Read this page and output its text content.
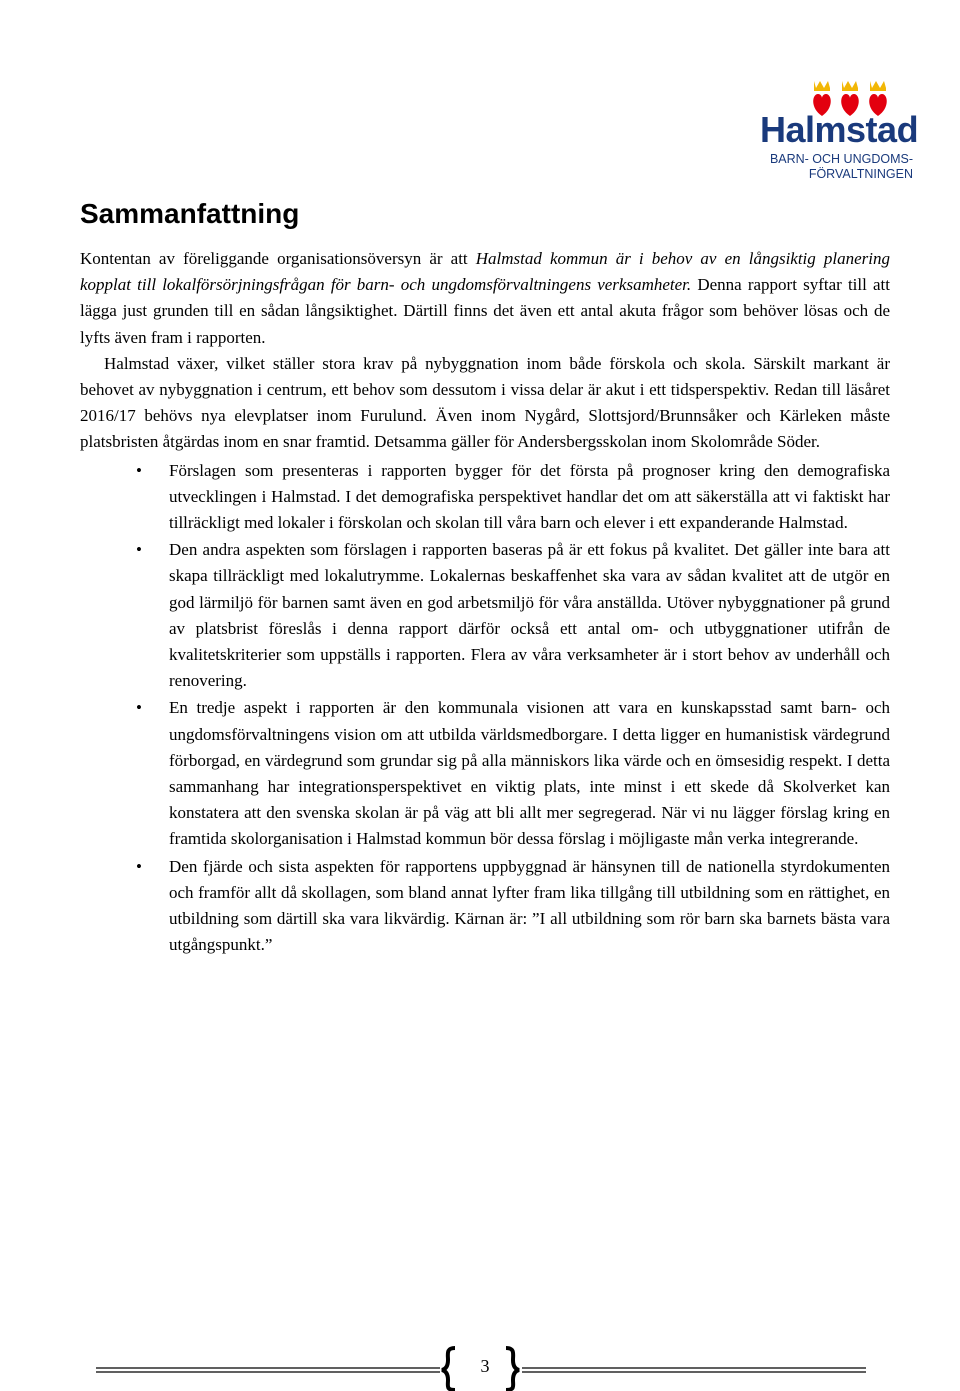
Halmstad
BARN- OCH UNGDOMS-
FÖRVALTNINGEN
Sammanfattning

Kontentan av föreliggande organisationsöversyn är att Halmstad kommun är i behov av en långsiktig planering kopplat till lokalförsörjningsfrågan för barn- och ungdomsförvaltningens verksamheter. Denna rapport syftar till att lägga just grunden till en sådan långsiktighet. Därtill finns det även ett antal akuta frågor som behöver lösas och de lyfts även fram i rapporten.

Halmstad växer, vilket ställer stora krav på nybyggnation inom både förskola och skola. Särskilt markant är behovet av nybyggnation i centrum, ett behov som dessutom i vissa delar är akut i ett tidsperspektiv. Redan till läsåret 2016/17 behövs nya elevplatser inom Furulund. Även inom Nygård, Slottsjord/Brunnsåker och Kärleken måste platsbristen åtgärdas inom en snar framtid. Detsamma gäller för Andersbergsskolan inom Skolområde Söder.

• Förslagen som presenteras i rapporten bygger för det första på prognoser kring den demografiska utvecklingen i Halmstad. I det demografiska perspektivet handlar det om att säkerställa att vi faktiskt har tillräckligt med lokaler i förskolan och skolan till våra barn och elever i ett expanderande Halmstad.
• Den andra aspekten som förslagen i rapporten baseras på är ett fokus på kvalitet. Det gäller inte bara att skapa tillräckligt med lokalutrymme. Lokalernas beskaffenhet ska vara av sådan kvalitet att de utgör en god lärmiljö för barnen samt även en god arbetsmiljö för våra anställda. Utöver nybyggnationer på grund av platsbrist föreslås i denna rapport därför också ett antal om- och utbyggnationer utifrån de kvalitetskriterier som uppställs i rapporten. Flera av våra verksamheter är i stort behov av underhåll och renovering.
• En tredje aspekt i rapporten är den kommunala visionen att vara en kunskapsstad samt barn- och ungdomsförvaltningens vision om att utbilda världsmedborgare. I detta ligger en humanistisk värdegrund förborgad, en värdegrund som grundar sig på alla människors lika värde och en ömsesidig respekt. I detta sammanhang har integrationsperspektivet en viktig plats, inte minst i ett skede då Skolverket kan konstatera att den svenska skolan är på väg att bli allt mer segregerad. När vi nu lägger förslag kring en framtida skolorganisation i Halmstad kommun bör dessa förslag i möjligaste mån verka integrerande.
• Den fjärde och sista aspekten för rapportens uppbyggnad är hänsynen till de nationella styrdokumenten och framför allt då skollagen, som bland annat lyfter fram lika tillgång till utbildning som en rättighet, en utbildning som därtill ska vara likvärdig. Kärnan är: ”I all utbildning som rör barn ska barnets bästa vara utgångspunkt.”
3
